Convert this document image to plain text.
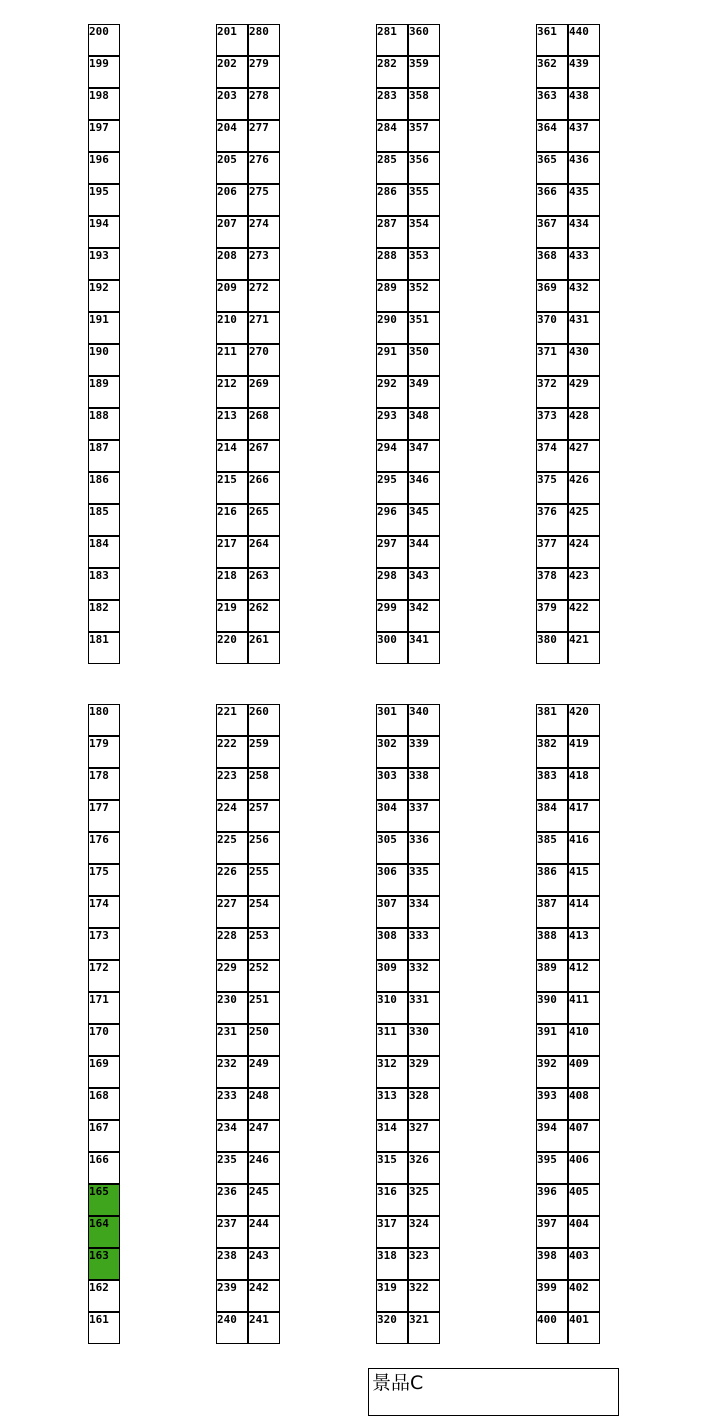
200
199
198
197
196
195
194
193
192
191
190
189
188
187
186
185
184
183
182
181
180
179
178
177
176
175
174
173
172
171
170
169
168
167
166
165
164
163
162
161
201
202
203
204
205
206
207
208
209
210
211
212
213
214
215
216
217
218
219
220
221
222
223
224
225
226
227
228
229
230
231
232
233
234
235
236
237
238
239
240
280
279
278
277
276
275
274
273
272
271
270
269
268
267
266
265
264
263
262
261
260
259
258
257
256
255
254
253
252
251
250
249
248
247
246
245
244
243
242
241
281
282
283
284
285
286
287
288
289
290
291
292
293
294
295
296
297
298
299
300
301
302
303
304
305
306
307
308
309
310
311
312
313
314
315
316
317
318
319
320
360
359
358
357
356
355
354
353
352
351
350
349
348
347
346
345
344
343
342
341
340
339
338
337
336
335
334
333
332
331
330
329
328
327
326
325
324
323
322
321
361
362
363
364
365
366
367
368
369
370
371
372
373
374
375
376
377
378
379
380
381
382
383
384
385
386
387
388
389
390
391
392
393
394
395
396
397
398
399
400
440
439
438
437
436
435
434
433
432
431
430
429
428
427
426
425
424
423
422
421
420
419
418
417
416
415
414
413
412
411
410
409
408
407
406
405
404
403
402
401
景品C
